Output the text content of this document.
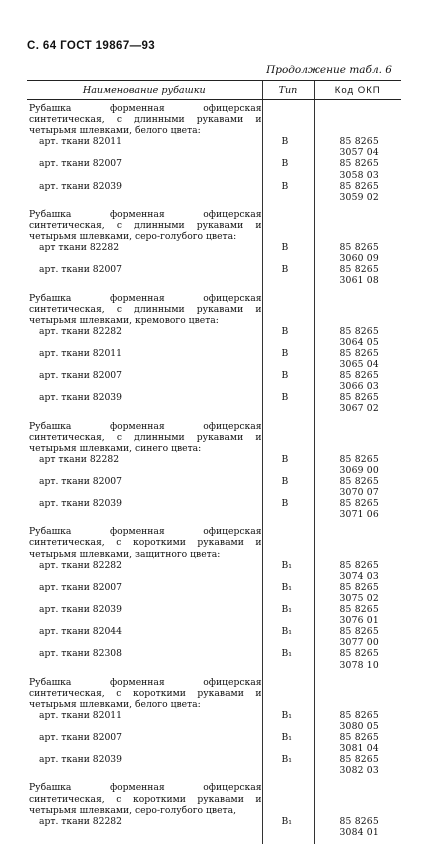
С. 64 ГОСТ 19867—93
Продолжение табл. 6
Наименование рубашки	Тип	Код ОКП

Рубашка форменная офицерская синтетическая, с длинными рукавами и четырьмя шлевками, белого цвета:		
арт. ткани 82011	В	85 8265 3057 04
арт. ткани 82007	В	85 8265 3058 03
арт. ткани 82039	В	85 8265 3059 02
Рубашка форменная офицерская синтетическая, с длинными рукавами и четырьмя шлевками, серо-голубого цвета:		
арт ткани 82282	В	85 8265 3060 09
арт. ткани 82007	В	85 8265 3061 08
Рубашка форменная офицерская синтетическая, с длинными рукавами и четырьмя шлевками, кремового цвета:		
арт. ткани 82282	В	85 8265 3064 05
арт. ткани 82011	В	85 8265 3065 04
арт. ткани 82007	В	85 8265 3066 03
арт. ткани 82039	В	85 8265 3067 02
Рубашка форменная офицерская синтетическая, с длинными рукавами и четырьмя шлевками, синего цвета:		
арт ткани 82282	В	85 8265 3069 00
арт. ткани 82007	В	85 8265 3070 07
арт. ткани 82039	В	85 8265 3071 06
Рубашка форменная офицерская синтетическая, с короткими рукавами и четырьмя шлевками, защитного цвета:		
арт. ткани 82282	В₁	85 8265 3074 03
арт. ткани 82007	В₁	85 8265 3075 02
арт. ткани 82039	В₁	85 8265 3076 01
арт. ткани 82044	В₁	85 8265 3077 00
арт. ткани 82308	В₁	85 8265 3078 10
Рубашка форменная офицерская синтетическая, с короткими рукавами и четырьмя шлевками, белого цвета:		
арт. ткани 82011	В₁	85 8265 3080 05
арт. ткани 82007	В₁	85 8265 3081 04
арт. ткани 82039	В₁	85 8265 3082 03
Рубашка форменная офицерская синтетическая, с короткими рукавами и четырьмя шлевками, серо-голубого цвета,		
арт. ткани 82282	В₁	85 8265 3084 01
